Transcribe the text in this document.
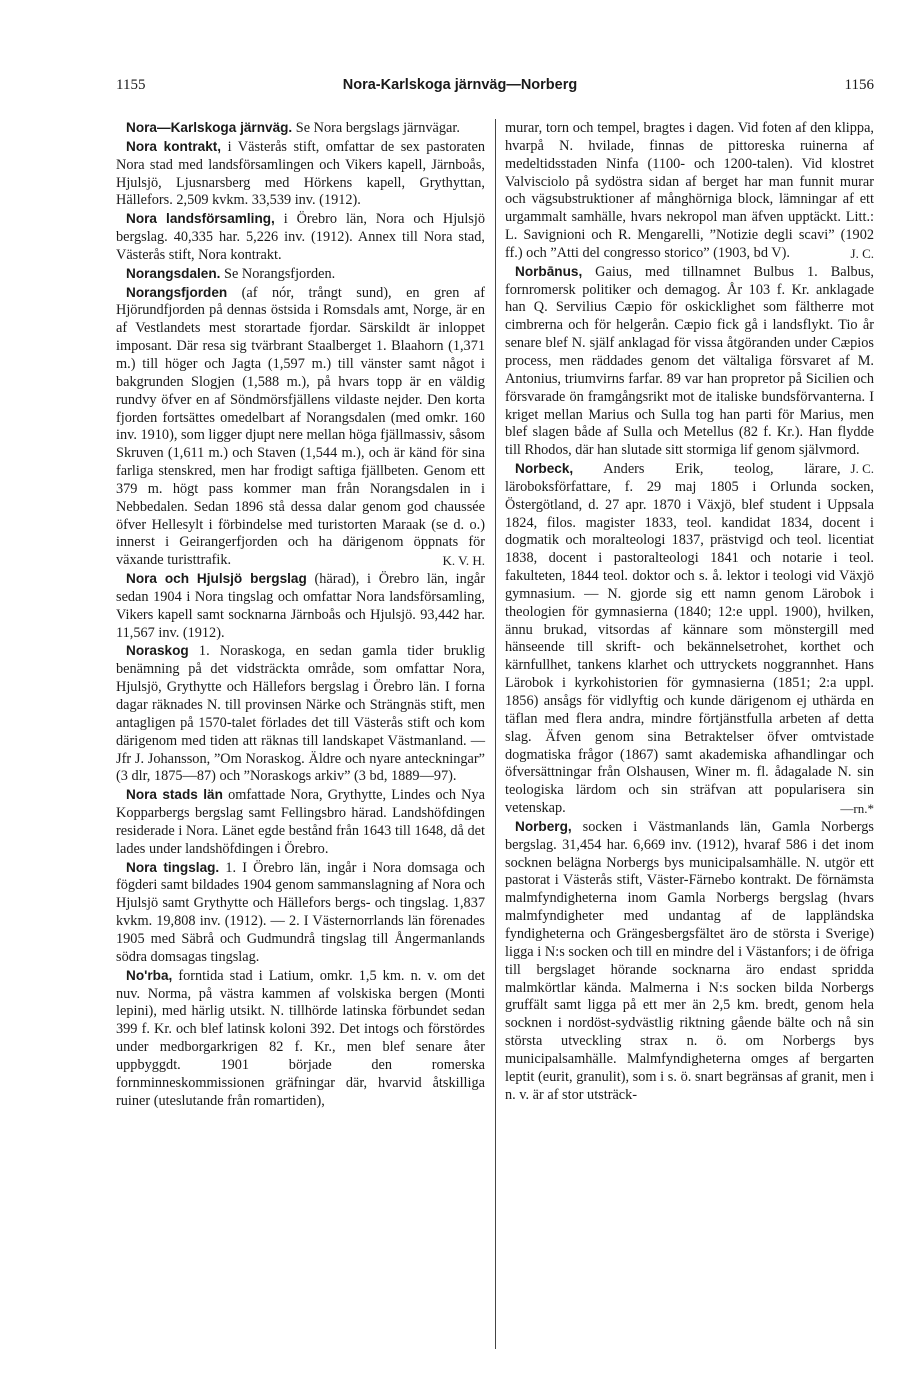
1155	Nora-Karlskoga järnväg—Norberg	1156

Nora—Karlskoga järnväg. Se Nora bergslags järnvägar.

Nora kontrakt, i Västerås stift, omfattar de sex pastoraten Nora stad med landsförsamlingen och Vikers kapell, Järnboås, Hjulsjö, Ljusnarsberg med Hörkens kapell, Grythyttan, Hällefors. 2,509 kvkm. 33,539 inv. (1912).

Nora landsförsamling, i Örebro län, Nora och Hjulsjö bergslag. 40,335 har. 5,226 inv. (1912). Annex till Nora stad, Västerås stift, Nora kontrakt.

Norangsdalen. Se Norangsfjorden.

Norangsfjorden (af nór, trångt sund), en gren af Hjörundfjorden på dennas östsida i Romsdals amt, Norge, är en af Vestlandets mest storartade fjordar. Särskildt är inloppet imposant. Där resa sig tvärbrant Staalberget 1. Blaahorn (1,371 m.) till höger och Jagta (1,597 m.) till vänster samt något i bakgrunden Slogjen (1,588 m.), på hvars topp är en väldig rundvy öfver en af Söndmörsfjällens vildaste nejder. Den korta fjorden fortsättes omedelbart af Norangsdalen (med omkr. 160 inv. 1910), som ligger djupt nere mellan höga fjällmassiv, såsom Skruven (1,611 m.) och Staven (1,544 m.), och är känd för sina farliga stenskred, men har frodigt saftiga fjällbeten. Genom ett 379 m. högt pass kommer man från Norangsdalen in i Nebbedalen. Sedan 1896 stå dessa dalar genom god chaussée öfver Hellesylt i förbindelse med turistorten Maraak (se d. o.) innerst i Geirangerfjorden och ha därigenom öppnats för växande turisttrafik.	K. V. H.

Nora och Hjulsjö bergslag (härad), i Örebro län, ingår sedan 1904 i Nora tingslag och omfattar Nora landsförsamling, Vikers kapell samt socknarna Järnboås och Hjulsjö. 93,442 har. 11,567 inv. (1912).

Noraskog 1. Noraskoga, en sedan gamla tider bruklig benämning på det vidsträckta område, som omfattar Nora, Hjulsjö, Grythytte och Hällefors bergslag i Örebro län. I forna dagar räknades N. till provinsen Närke och Strängnäs stift, men antagligen på 1570-talet förlades det till Västerås stift och kom därigenom med tiden att räknas till landskapet Västmanland. — Jfr J. Johansson, ”Om Noraskog. Äldre och nyare anteckningar” (3 dlr, 1875—87) och ”Noraskogs arkiv” (3 bd, 1889—97).

Nora stads län omfattade Nora, Grythytte, Lindes och Nya Kopparbergs bergslag samt Fellingsbro härad. Landshöfdingen residerade i Nora. Länet egde bestånd från 1643 till 1648, då det lades under landshöfdingen i Örebro.

Nora tingslag. 1. I Örebro län, ingår i Nora domsaga och fögderi samt bildades 1904 genom sammanslagning af Nora och Hjulsjö samt Grythytte och Hällefors bergs- och tingslag. 1,837 kvkm. 19,808 inv. (1912). — 2. I Västernorrlands län förenades 1905 med Säbrå och Gudmundrå tingslag till Ångermanlands södra domsagas tingslag.

No'rba, forntida stad i Latium, omkr. 1,5 km. n. v. om det nuv. Norma, på västra kammen af volskiska bergen (Monti lepini), med härlig utsikt. N. tillhörde latinska förbundet sedan 399 f. Kr. och blef latinsk koloni 392. Det intogs och förstördes under medborgarkrigen 82 f. Kr., men blef senare åter uppbyggdt. 1901 började den romerska fornminneskommissionen gräfningar där, hvarvid åtskilliga ruiner (uteslutande från romartiden),

murar, torn och tempel, bragtes i dagen. Vid foten af den klippa, hvarpå N. hvilade, finnas de pittoreska ruinerna af medeltidsstaden Ninfa (1100- och 1200-talen). Vid klostret Valvisciolo på sydöstra sidan af berget har man funnit murar och vägsubstruktioner af månghörniga block, lämningar af ett urgammalt samhälle, hvars nekropol man äfven upptäckt. Litt.: L. Savignioni och R. Mengarelli, ”Notizie degli scavi” (1902 ff.) och ”Atti del congresso storico” (1903, bd V).	J. C.

Norbānus, Gaius, med tillnamnet Bulbus 1. Balbus, fornromersk politiker och demagog. År 103 f. Kr. anklagade han Q. Servilius Cæpio för oskicklighet som fältherre mot cimbrerna och för helgerån. Cæpio fick gå i landsflykt. Tio år senare blef N. själf anklagad för vissa åtgöranden under Cæpios process, men räddades genom det vältaliga försvaret af M. Antonius, triumvirns farfar. 89 var han propretor på Sicilien och försvarade ön framgångsrikt mot de italiske bundsförvanterna. I kriget mellan Marius och Sulla tog han parti för Marius, men blef slagen både af Sulla och Metellus (82 f. Kr.). Han flydde till Rhodos, där han slutade sitt stormiga lif genom självmord.
J. C.

Norbeck, Anders Erik, teolog, lärare, läroboksförfattare, f. 29 maj 1805 i Orlunda socken, Östergötland, d. 27 apr. 1870 i Växjö, blef student i Uppsala 1824, filos. magister 1833, teol. kandidat 1834, docent i dogmatik och moralteologi 1837, prästvigd och teol. licentiat 1838, docent i pastoralteologi 1841 och notarie i teol. fakulteten, 1844 teol. doktor och s. å. lektor i teologi vid Växjö gymnasium. — N. gjorde sig ett namn genom Lärobok i theologien för gymnasierna (1840; 12:e uppl. 1900), hvilken, ännu brukad, vitsordas af kännare som mönstergill med hänseende till skrift- och bekännelsetrohet, korthet och kärnfullhet, tankens klarhet och uttryckets noggrannhet. Hans Lärobok i kyrkohistorien för gymnasierna (1851; 2:a uppl. 1856) ansågs för vidlyftig och kunde därigenom ej uthärda en täflan med flera andra, mindre förtjänstfulla arbeten af detta slag. Äfven genom sina Betraktelser öfver omtvistade dogmatiska frågor (1867) samt akademiska afhandlingar och öfversättningar från Olshausen, Winer m. fl. ådagalade N. sin teologiska lärdom och sin sträfvan att popularisera sin vetenskap.	—rn.*

Norberg, socken i Västmanlands län, Gamla Norbergs bergslag. 31,454 har. 6,669 inv. (1912), hvaraf 586 i det inom socknen belägna Norbergs bys municipalsamhälle. N. utgör ett pastorat i Västerås stift, Väster-Färnebo kontrakt. De förnämsta malmfyndigheterna inom Gamla Norbergs bergslag (hvars malmfyndigheter med undantag af de lappländska fyndigheterna och Grängesbergsfältet äro de största i Sverige) ligga i N:s socken och till en mindre del i Västanfors; i de öfriga till bergslaget hörande socknarna äro endast spridda malmkörtlar kända. Malmerna i N:s socken bilda Norbergs gruffält samt ligga på ett mer än 2,5 km. bredt, genom hela socknen i nordöst-sydvästlig riktning gående bälte och nå sin största utveckling strax n. ö. om Norbergs bys municipalsamhälle. Malmfyndigheterna omges af bergarten leptit (eurit, granulit), som i s. ö. snart begränsas af granit, men i n. v. är af stor utsträck-
